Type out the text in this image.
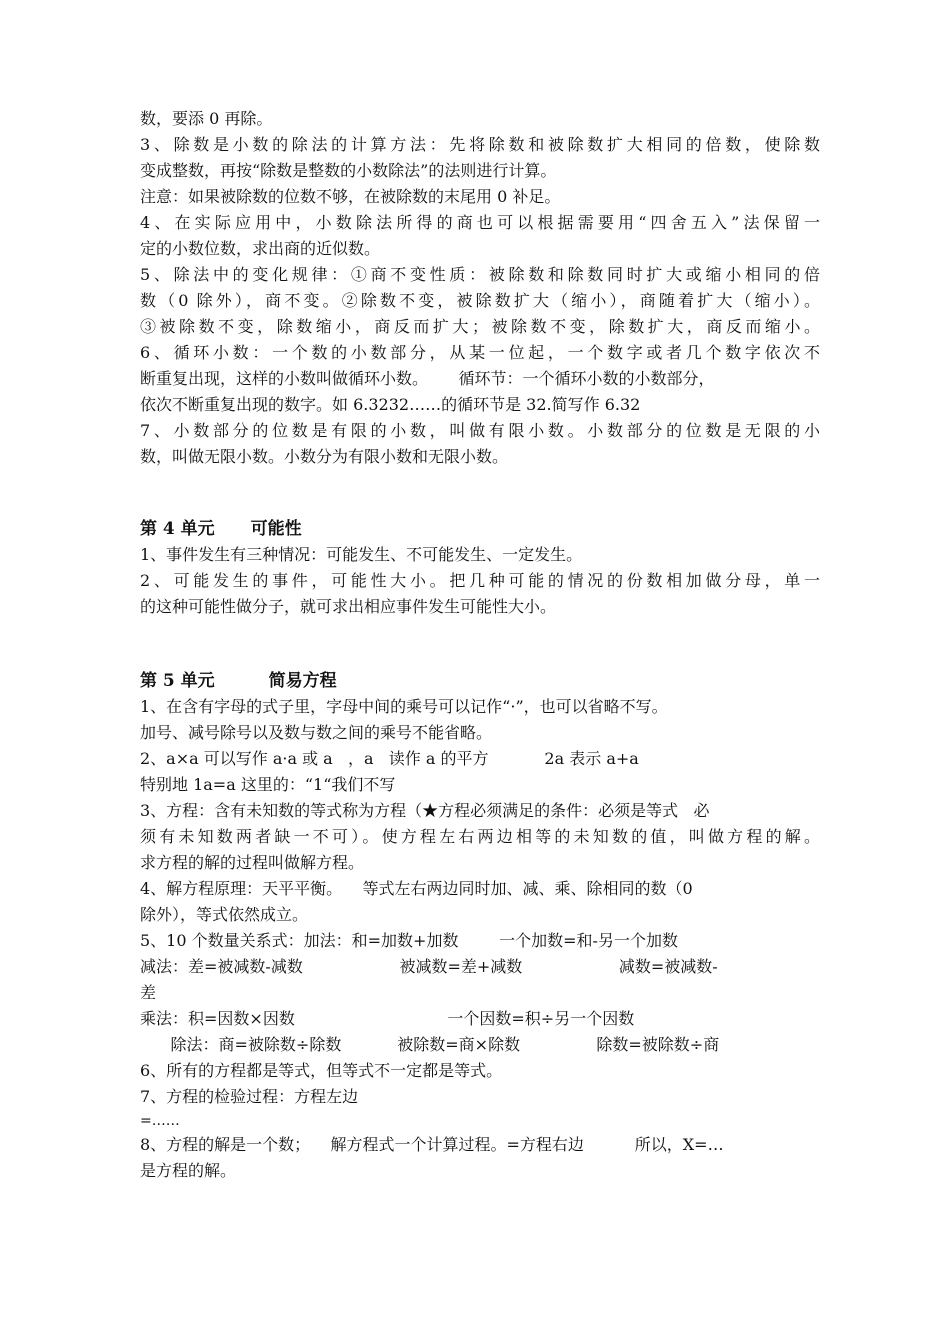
数，要添 0 再除。
3、除数是小数的除法的计算方法：先将除数和被除数扩大相同的倍数，使除数
变成整数，再按“除数是整数的小数除法”的法则进行计算。
注意：如果被除数的位数不够，在被除数的末尾用 0 补足。
4、在实际应用中，小数除法所得的商也可以根据需要用“四舍五入”法保留一
定的小数位数，求出商的近似数。
5、除法中的变化规律：①商不变性质：被除数和除数同时扩大或缩小相同的倍
数（0 除外），商不变。②除数不变，被除数扩大（缩小），商随着扩大（缩小）。
③被除数不变，除数缩小，商反而扩大；被除数不变，除数扩大，商反而缩小。
6、循环小数：一个数的小数部分，从某一位起，一个数字或者几个数字依次不
断重复出现，这样的小数叫做循环小数。      循环节：一个循环小数的小数部分，
依次不断重复出现的数字。如 6.3232……的循环节是 32.简写作 6.32
7、小数部分的位数是有限的小数，叫做有限小数。小数部分的位数是无限的小
数，叫做无限小数。小数分为有限小数和无限小数。
第 4 单元 可能性
1、事件发生有三种情况：可能发生、不可能发生、一定发生。
2、可能发生的事件，可能性大小。把几种可能的情况的份数相加做分母，单一
的这种可能性做分子，就可求出相应事件发生可能性大小。
第 5 单元	简易方程
1、在含有字母的式子里，字母中间的乘号可以记作“·”，也可以省略不写。
加号、减号除号以及数与数之间的乘号不能省略。
2、a×a 可以写作 a·a 或 a   ，a   读作 a 的平方           2a 表示 a+a
特别地 1a=a 这里的：“1“我们不写
3、方程：含有未知数的等式称为方程（★方程必须满足的条件：必须是等式   必
须有未知数两者缺一不可）。使方程左右两边相等的未知数的值，叫做方程的解。
求方程的解的过程叫做解方程。
4、解方程原理：天平平衡。    等式左右两边同时加、减、乘、除相同的数（0
除外），等式依然成立。
5、10 个数量关系式：加法：和=加数+加数        一个加数=和-另一个加数
减法：差=被减数-减数                   被减数=差+减数                   减数=被减数-
差
乘法：积=因数×因数                              一个因数=积÷另一个因数
除法：商=被除数÷除数           被除数=商×除数               除数=被除数÷商
6、所有的方程都是等式，但等式不一定都是等式。
7、方程的检验过程：方程左边
=……
8、方程的解是一个数；    解方程式一个计算过程。=方程右边          所以，X=…
是方程的解。
